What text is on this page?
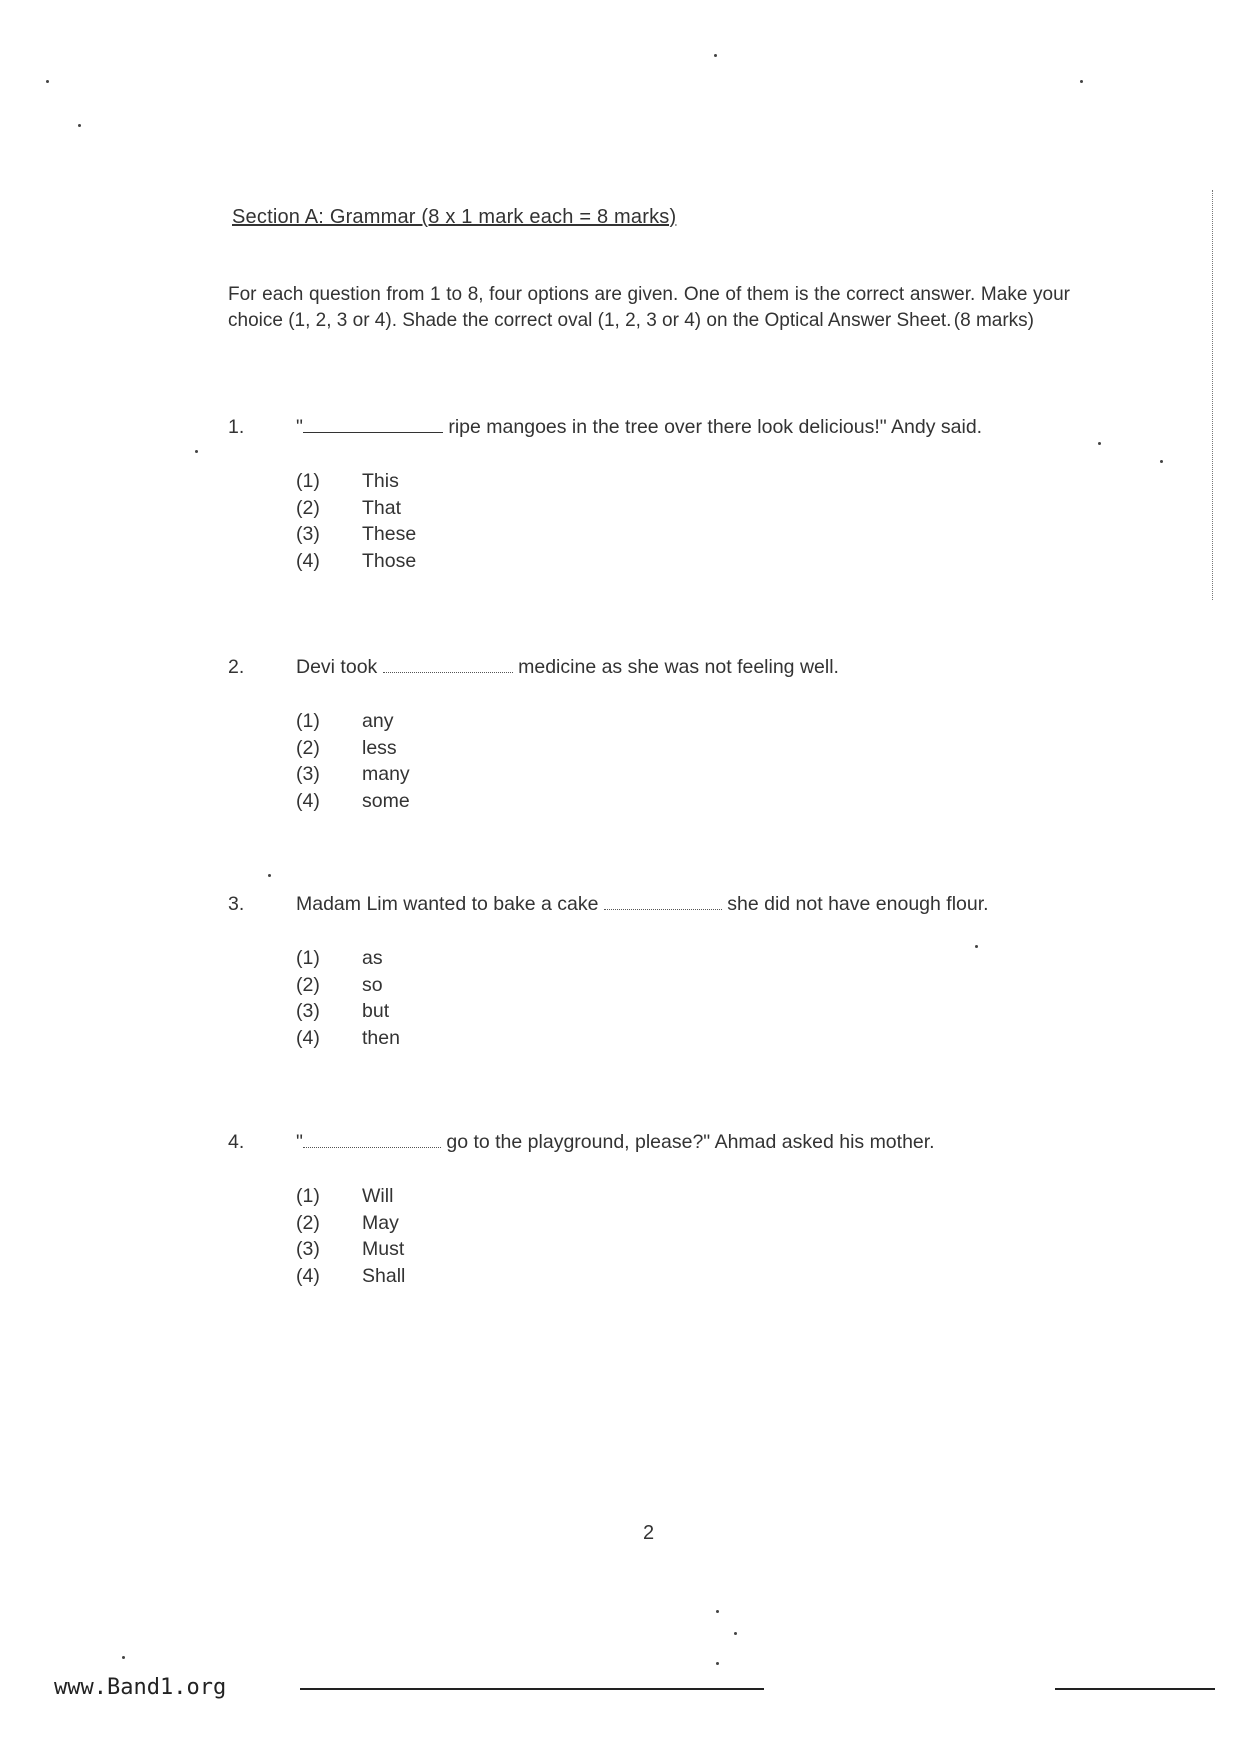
Section A: Grammar (8 x 1 mark each = 8 marks)
For each question from 1 to 8, four options are given. One of them is the correct answer. Make your choice (1, 2, 3 or 4). Shade the correct oval (1, 2, 3 or 4) on the Optical Answer Sheet. (8 marks)
1.	"	ripe mangoes in the tree over there look delicious!" Andy said.
(1) This
(2) That
(3) These
(4) Those
2.	Devi took	medicine as she was not feeling well.
(1) any
(2) less
(3) many
(4) some
3.	Madam Lim wanted to bake a cake	she did not have enough flour.
(1) as
(2) so
(3) but
(4) then
4.	"	go to the playground, please?" Ahmad asked his mother.
(1) Will
(2) May
(3) Must
(4) Shall
2
www.Band1.org
